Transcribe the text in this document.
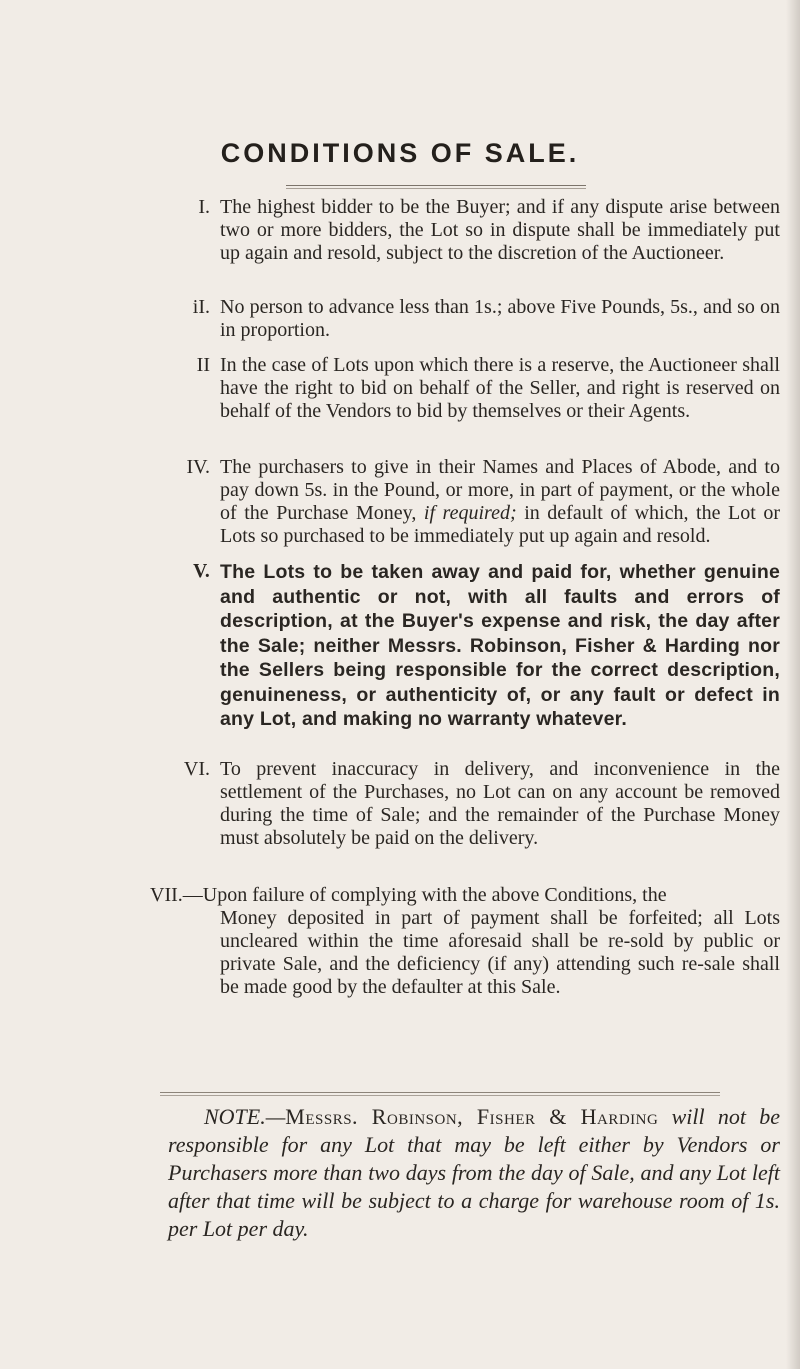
CONDITIONS OF SALE.
I. The highest bidder to be the Buyer; and if any dispute arise between two or more bidders, the Lot so in dispute shall be immediately put up again and resold, subject to the discretion of the Auctioneer.
iI. No person to advance less than 1s.; above Five Pounds, 5s., and so on in proportion.
II In the case of Lots upon which there is a reserve, the Auctioneer shall have the right to bid on behalf of the Seller, and right is reserved on behalf of the Vendors to bid by themselves or their Agents.
IV. The purchasers to give in their Names and Places of Abode, and to pay down 5s. in the Pound, or more, in part of payment, or the whole of the Purchase Money, if required; in default of which, the Lot or Lots so purchased to be immediately put up again and resold.
V. The Lots to be taken away and paid for, whether genuine and authentic or not, with all faults and errors of description, at the Buyer's expense and risk, the day after the Sale; neither Messrs. Robinson, Fisher & Harding nor the Sellers being responsible for the correct description, genuineness, or authenticity of, or any fault or defect in any Lot, and making no warranty whatever.
VI. To prevent inaccuracy in delivery, and inconvenience in the settlement of the Purchases, no Lot can on any account be removed during the time of Sale; and the remainder of the Purchase Money must absolutely be paid on the delivery.
VII.—Upon failure of complying with the above Conditions, the
Money deposited in part of payment shall be forfeited; all Lots uncleared within the time aforesaid shall be re-sold by public or private Sale, and the deficiency (if any) attending such re-sale shall be made good by the defaulter at this Sale.
NOTE.—Messrs. Robinson, Fisher & Harding will not be responsible for any Lot that may be left either by Vendors or Purchasers more than two days from the day of Sale, and any Lot left after that time will be subject to a charge for warehouse room of 1s. per Lot per day.
